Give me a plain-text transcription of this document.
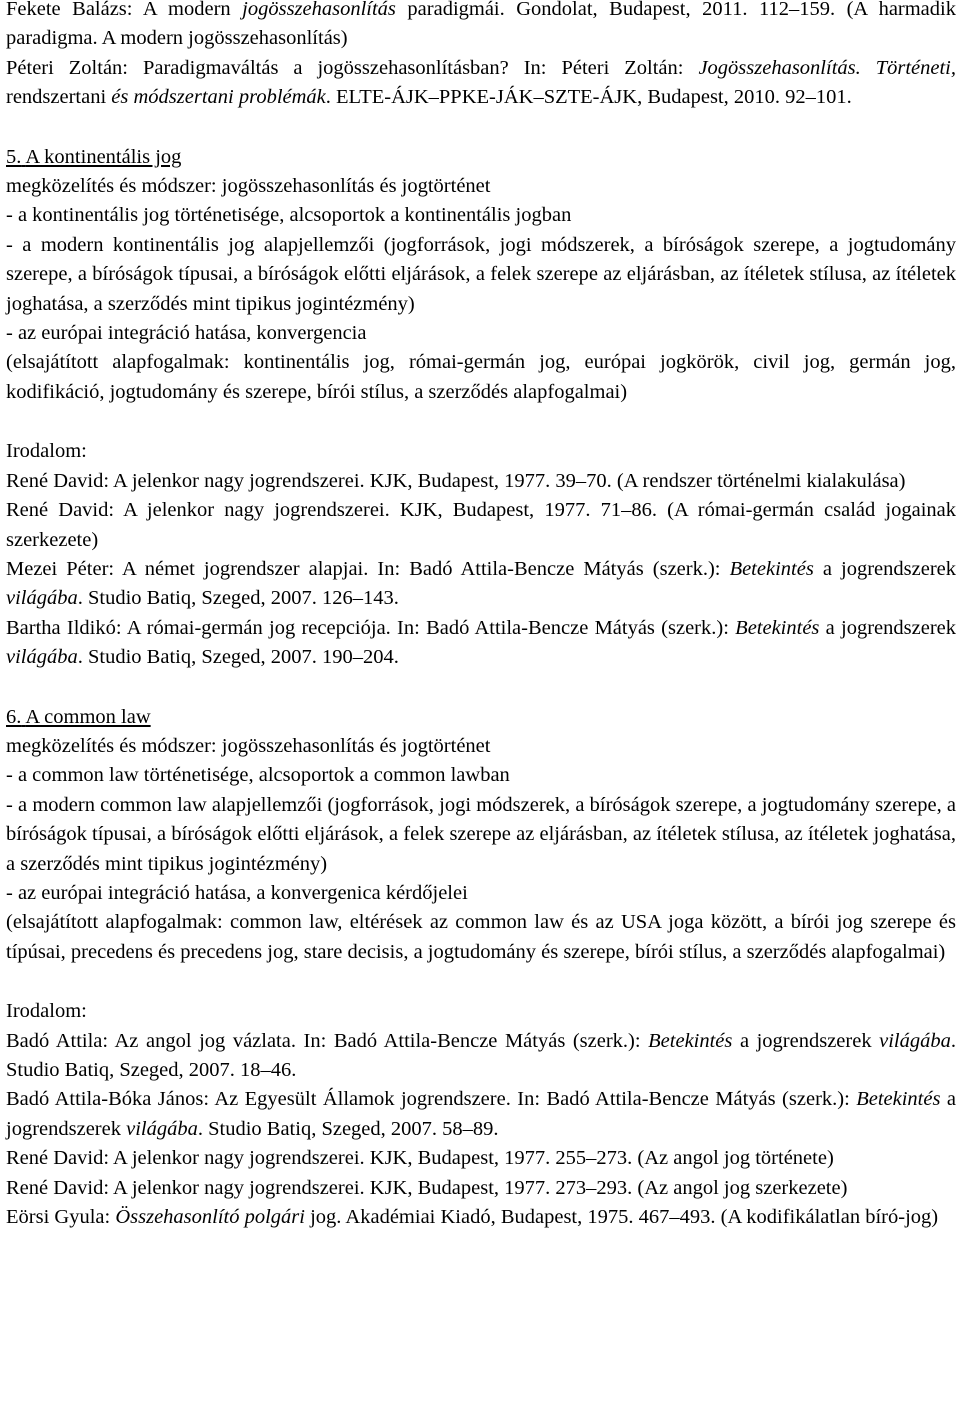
Fekete Balázs: A modern jogösszehasonlítás paradigmái. Gondolat, Budapest, 2011. 112–159. (A harmadik paradigma. A modern jogösszehasonlítás)

Péteri Zoltán: Paradigmaváltás a jogösszehasonlításban? In: Péteri Zoltán: Jogösszehasonlítás. Történeti, rendszertani és módszertani problémák. ELTE-ÁJK–PPKE-JÁK–SZTE-ÁJK, Budapest, 2010. 92–101.

5. A kontinentális jog

megközelítés és módszer: jogösszehasonlítás és jogtörténet

- a kontinentális jog történetisége, alcsoportok a kontinentális jogban

- a modern kontinentális jog alapjellemzői (jogforrások, jogi módszerek, a bíróságok szerepe, a jogtudomány szerepe, a bíróságok típusai, a bíróságok előtti eljárások, a felek szerepe az eljárásban, az ítéletek stílusa, az ítéletek joghatása, a szerződés mint tipikus jogintézmény)

- az európai integráció hatása, konvergencia

(elsajátított alapfogalmak: kontinentális jog, római-germán jog, európai jogkörök, civil jog, germán jog, kodifikáció, jogtudomány és szerepe, bírói stílus, a szerződés alapfogalmai)

Irodalom:

René David: A jelenkor nagy jogrendszerei. KJK, Budapest, 1977. 39–70. (A rendszer történelmi kialakulása)

René David: A jelenkor nagy jogrendszerei. KJK, Budapest, 1977. 71–86. (A római-germán család jogainak szerkezete)

Mezei Péter: A német jogrendszer alapjai. In: Badó Attila-Bencze Mátyás (szerk.): Betekintés a jogrendszerek világába. Studio Batiq, Szeged, 2007. 126–143.

Bartha Ildikó: A római-germán jog recepciója. In: Badó Attila-Bencze Mátyás (szerk.): Betekintés a jogrendszerek világába. Studio Batiq, Szeged, 2007. 190–204.

6. A common law

megközelítés és módszer: jogösszehasonlítás és jogtörténet

- a common law történetisége, alcsoportok a common lawban

- a modern common law alapjellemzői (jogforrások, jogi módszerek, a bíróságok szerepe, a jogtudomány szerepe, a bíróságok típusai, a bíróságok előtti eljárások, a felek szerepe az eljárásban, az ítéletek stílusa, az ítéletek joghatása, a szerződés mint tipikus jogintézmény)

- az európai integráció hatása, a konvergenica kérdőjelei

(elsajátított alapfogalmak: common law, eltérések az common law és az USA joga között, a bírói jog szerepe és típúsai, precedens és precedens jog, stare decisis, a jogtudomány és szerepe, bírói stílus, a szerződés alapfogalmai)

Irodalom:

Badó Attila: Az angol jog vázlata. In: Badó Attila-Bencze Mátyás (szerk.): Betekintés a jogrendszerek világába. Studio Batiq, Szeged, 2007. 18–46.

Badó Attila-Bóka János: Az Egyesült Államok jogrendszere. In: Badó Attila-Bencze Mátyás (szerk.): Betekintés a jogrendszerek világába. Studio Batiq, Szeged, 2007. 58–89.

René David: A jelenkor nagy jogrendszerei. KJK, Budapest, 1977. 255–273. (Az angol jog története)

René David: A jelenkor nagy jogrendszerei. KJK, Budapest, 1977. 273–293. (Az angol jog szerkezete)

Eörsi Gyula: Összehasonlító polgári jog. Akadémiai Kiadó, Budapest, 1975. 467–493. (A kodifikálatlan bíró-jog)
